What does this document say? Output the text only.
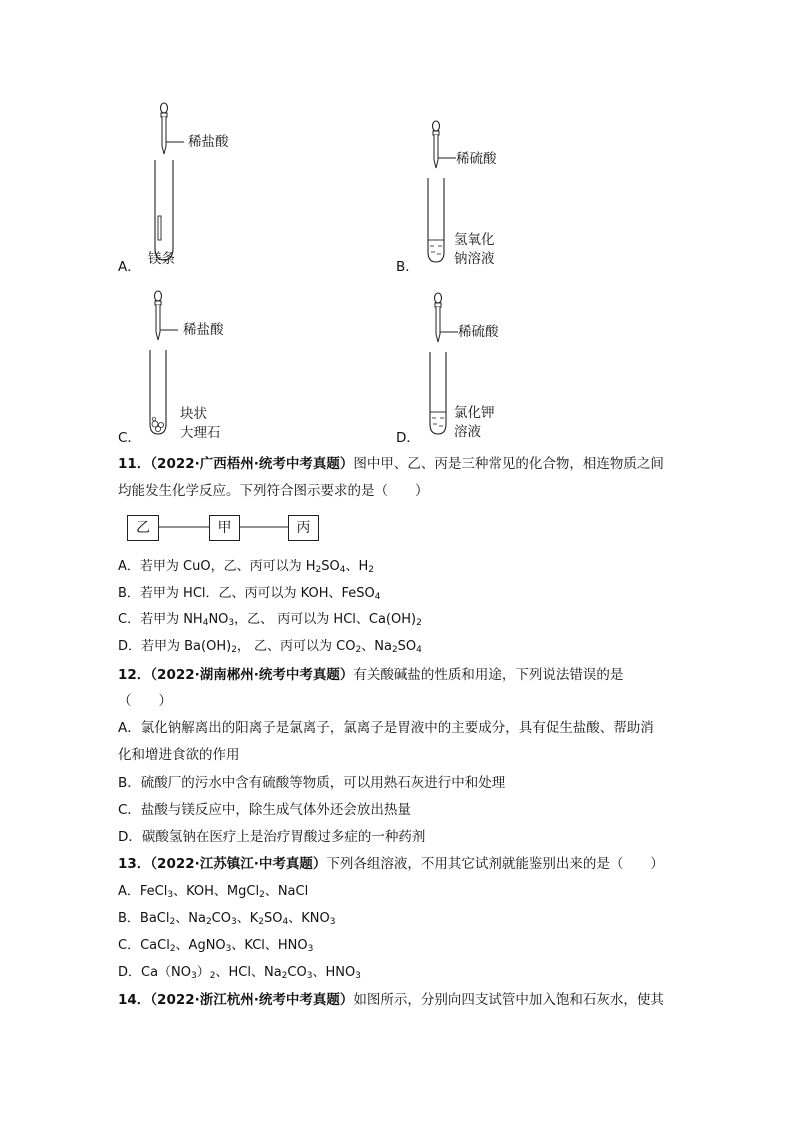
稀盐酸
镁条
A．
稀硫酸
氢氧化
钠溶液
B．
稀盐酸
块状
大理石
C．
稀硫酸
氯化钾
溶液
D．
11．（2022·广西梧州·统考中考真题）图中甲、乙、丙是三种常见的化合物，相连物质之间
均能发生化学反应。下列符合图示要求的是（　　）
乙	甲	丙
A．若甲为 CuO，乙、丙可以为 $H_2SO_4$、$H_2$
B．若甲为 HCl．乙、丙可以为 KOH、FeSO$_4$
C．若甲为 $NH_4NO_3$，乙、 丙可以为 HCl、$Ca(OH)_2$
D．若甲为 $Ba(OH)_2$， 乙、丙可以为 $CO_2$、$Na_2SO_4$
12．（2022·湖南郴州·统考中考真题）有关酸碱盐的性质和用途，下列说法错误的是
（　　）
A．氯化钠解离出的阳离子是氯离子，氯离子是胃液中的主要成分，具有促生盐酸、帮助消
化和增进食欲的作用
B．硫酸厂的污水中含有硫酸等物质，可以用熟石灰进行中和处理
C．盐酸与镁反应中，除生成气体外还会放出热量
D．碳酸氢钠在医疗上是治疗胃酸过多症的一种药剂
13．（2022·江苏镇江·中考真题）下列各组溶液，不用其它试剂就能鉴别出来的是（　　）
A．FeCl$_3$、KOH、MgCl$_2$、NaCl
B．BaCl$_2$、$Na_2CO_3$、$K_2SO_4$、$KNO_3$
C．CaCl$_2$、AgNO$_3$、KCl、$HNO_3$
D．$Ca(NO_3)_2$、HCl、$Na_2CO_3$、$HNO_3$
14．（2022·浙江杭州·统考中考真题）如图所示，分别向四支试管中加入饱和石灰水，使其
